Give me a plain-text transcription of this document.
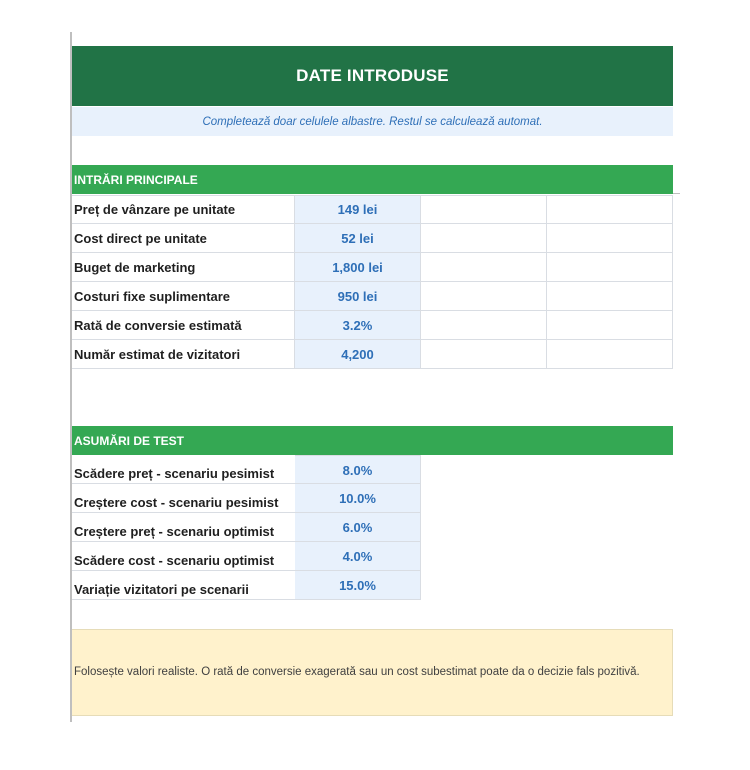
DATE INTRODUSE
Completează doar celulele albastre. Restul se calculează automat.
INTRĂRI PRINCIPALE
Preț de vânzare pe unitate	149 lei
Cost direct pe unitate	52 lei
Buget de marketing	1,800 lei
Costuri fixe suplimentare	950 lei
Rată de conversie estimată	3.2%
Număr estimat de vizitatori	4,200
ASUMĂRI DE TEST
Scădere preț - scenariu pesimist	8.0%
Creștere cost - scenariu pesimist	10.0%
Creștere preț - scenariu optimist	6.0%
Scădere cost - scenariu optimist	4.0%
Variație vizitatori pe scenarii	15.0%
Folosește valori realiste. O rată de conversie exagerată sau un cost subestimat poate da o decizie fals pozitivă.
